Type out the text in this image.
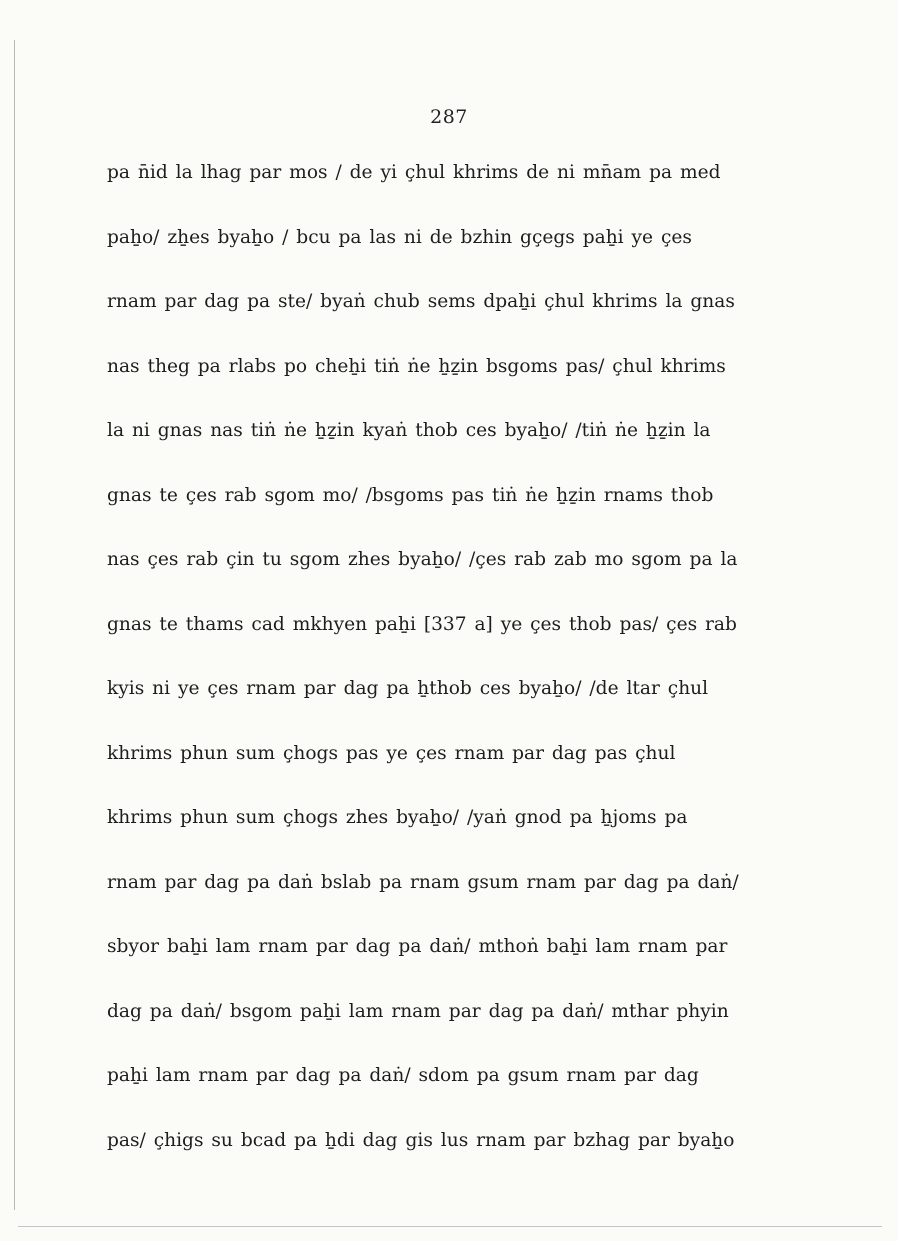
287
pa n̄id la lhag par mos / de yi çhul khrims de ni mn̄am pa med
paẖo/ zẖes byaẖo / bcu pa las ni de bzhin gçegs paẖi ye çes
rnam par dag pa ste/ byaṅ chub sems dpaẖi çhul khrims la gnas
nas theg pa rlabs po cheẖi tiṅ ṅe ẖẕin bsgoms pas/ çhul khrims
la ni gnas nas tiṅ ṅe ẖẕin kyaṅ thob ces byaẖo/ /tiṅ ṅe ẖẕin la
gnas te çes rab sgom mo/ /bsgoms pas tiṅ ṅe ẖẕin rnams thob
nas çes rab çin tu sgom zhes byaẖo/ /çes rab zab mo sgom pa la
gnas te thams cad mkhyen paẖi [337 a] ye çes thob pas/ çes rab
kyis ni ye çes rnam par dag pa ẖthob ces byaẖo/ /de ltar çhul
khrims phun sum çhogs pas ye çes rnam par dag pas çhul
khrims phun sum çhogs zhes byaẖo/ /yaṅ gnod pa ẖjoms pa
rnam par dag pa daṅ bslab pa rnam gsum rnam par dag pa daṅ/
sbyor baẖi lam rnam par dag pa daṅ/ mthoṅ baẖi lam rnam par
dag pa daṅ/ bsgom paẖi lam rnam par dag pa daṅ/ mthar phyin
paẖi lam rnam par dag pa daṅ/ sdom pa gsum rnam par dag
pas/ çhigs su bcad pa ẖdi dag gis lus rnam par bzhag par byaẖo
